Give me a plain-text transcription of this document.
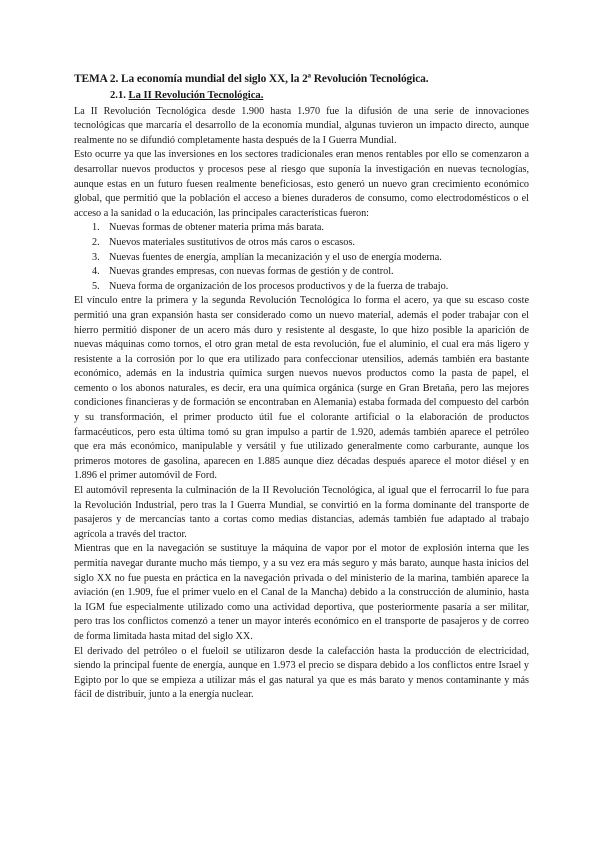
TEMA 2. La economía mundial del siglo XX, la 2ª Revolución Tecnológica.
2.1. La II Revolución Tecnológica.

La II Revolución Tecnológica desde 1.900 hasta 1.970 fue la difusión de una serie de innovaciones tecnológicas que marcaría el desarrollo de la economía mundial, algunas tuvieron un impacto directo, aunque realmente no se difundió completamente hasta después de la I Guerra Mundial.

Esto ocurre ya que las inversiones en los sectores tradicionales eran menos rentables por ello se comenzaron a desarrollar nuevos productos y procesos pese al riesgo que suponía la investigación en nuevas tecnologías, aunque estas en un futuro fuesen realmente beneficiosas, esto generó un nuevo gran crecimiento económico global, que permitió que la población el acceso a bienes duraderos de consumo, como electrodomésticos o el acceso a la sanidad o la educación, las principales características fueron:

1. Nuevas formas de obtener materia prima más barata.
2. Nuevos materiales sustitutivos de otros más caros o escasos.
3. Nuevas fuentes de energía, amplían la mecanización y el uso de energía moderna.
4. Nuevas grandes empresas, con nuevas formas de gestión y de control.
5. Nueva forma de organización de los procesos productivos y de la fuerza de trabajo.

El vínculo entre la primera y la segunda Revolución Tecnológica lo forma el acero, ya que su escaso coste permitió una gran expansión hasta ser considerado como un nuevo material, además el poder trabajar con el hierro permitió disponer de un acero más duro y resistente al desgaste, lo que hizo posible la aparición de nuevas máquinas como tornos, el otro gran metal de esta revolución, fue el aluminio, el cual era más ligero y resistente a la corrosión por lo que era utilizado para confeccionar utensilios, además también era bastante económico, además en la industria química surgen nuevos nuevos productos como la pasta de papel, el cemento o los abonos naturales, es decir, era una química orgánica (surge en Gran Bretaña, pero las mejores condiciones financieras y de formación se encontraban en Alemania) estaba formada del compuesto del carbón y su transformación, el primer producto útil fue el colorante artificial o la elaboración de productos farmacéuticos, pero esta última tomó su gran impulso a partir de 1.920, además también aparece el petróleo que era más económico, manipulable y versátil y fue utilizado generalmente como carburante, aunque los primeros motores de gasolina, aparecen en 1.885 aunque diez décadas después aparece el motor diésel y en 1.896 el primer automóvil de Ford.

El automóvil representa la culminación de la II Revolución Tecnológica, al igual que el ferrocarril lo fue para la Revolución Industrial, pero tras la I Guerra Mundial, se convirtió en la forma dominante del transporte de pasajeros y de mercancías tanto a cortas como medias distancias, además también fue adaptado al trabajo agrícola a través del tractor.

Mientras que en la navegación se sustituye la máquina de vapor por el motor de explosión interna que les permitía navegar durante mucho más tiempo, y a su vez era más seguro y más barato, aunque hasta inicios del siglo XX no fue puesta en práctica en la navegación privada o del ministerio de la marina, también aparece la aviación (en 1.909, fue el primer vuelo en el Canal de la Mancha) debido a la construcción de aluminio, hasta la IGM fue especialmente utilizado como una actividad deportiva, que posteriormente pasaría a ser militar, pero tras los conflictos comenzó a tener un mayor interés económico en el transporte de pasajeros y de correo de forma limitada hasta mitad del siglo XX.

El derivado del petróleo o el fueloil se utilizaron desde la calefacción hasta la producción de electricidad, siendo la principal fuente de energía, aunque en 1.973 el precio se dispara debido a los conflictos entre Israel y Egipto por lo que se empieza a utilizar más el gas natural ya que es más barato y menos contaminante y más fácil de distribuir, junto a la energía nuclear.
